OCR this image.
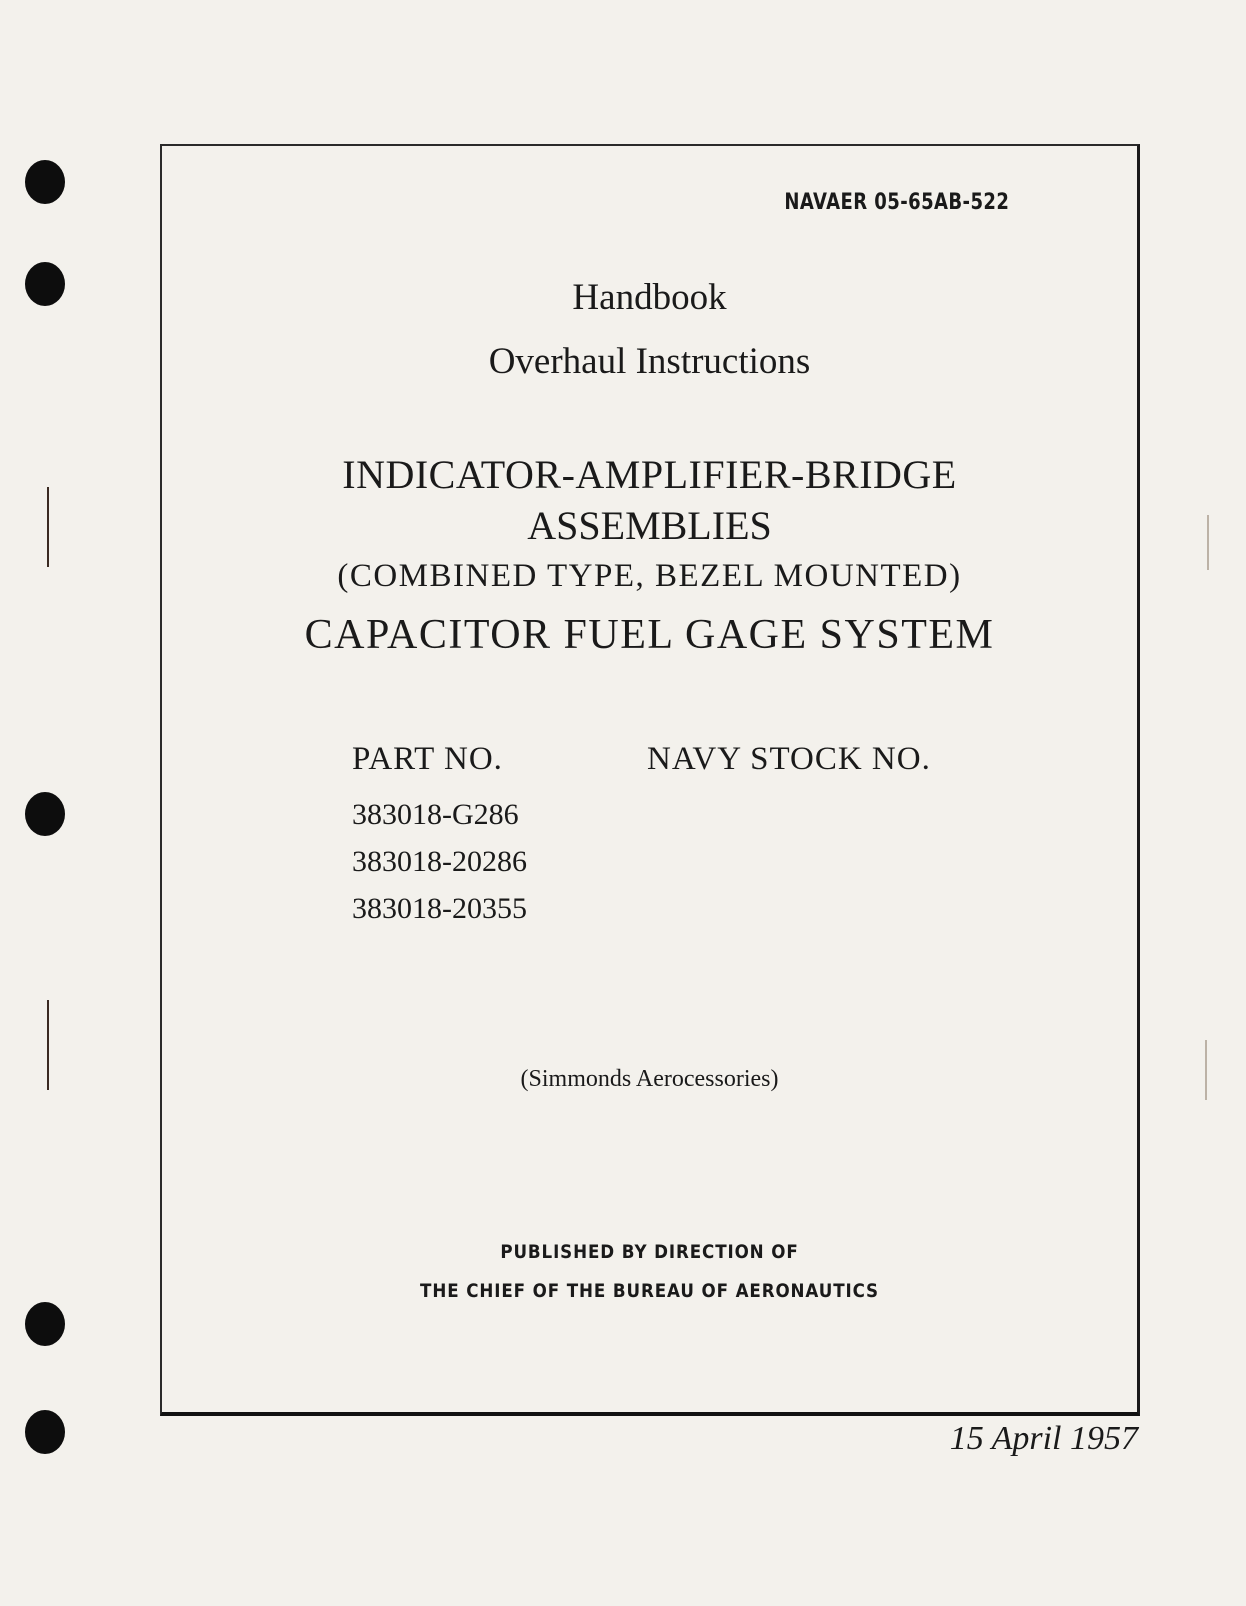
NAVAER 05-65AB-522
Handbook
Overhaul Instructions
INDICATOR-AMPLIFIER-BRIDGE
ASSEMBLIES
(COMBINED TYPE, BEZEL MOUNTED)
CAPACITOR FUEL GAGE SYSTEM
PART NO.	NAVY STOCK NO.
383018-G286
383018-20286
383018-20355
(Simmonds Aerocessories)
PUBLISHED BY DIRECTION OF
THE CHIEF OF THE BUREAU OF AERONAUTICS
15 April 1957
